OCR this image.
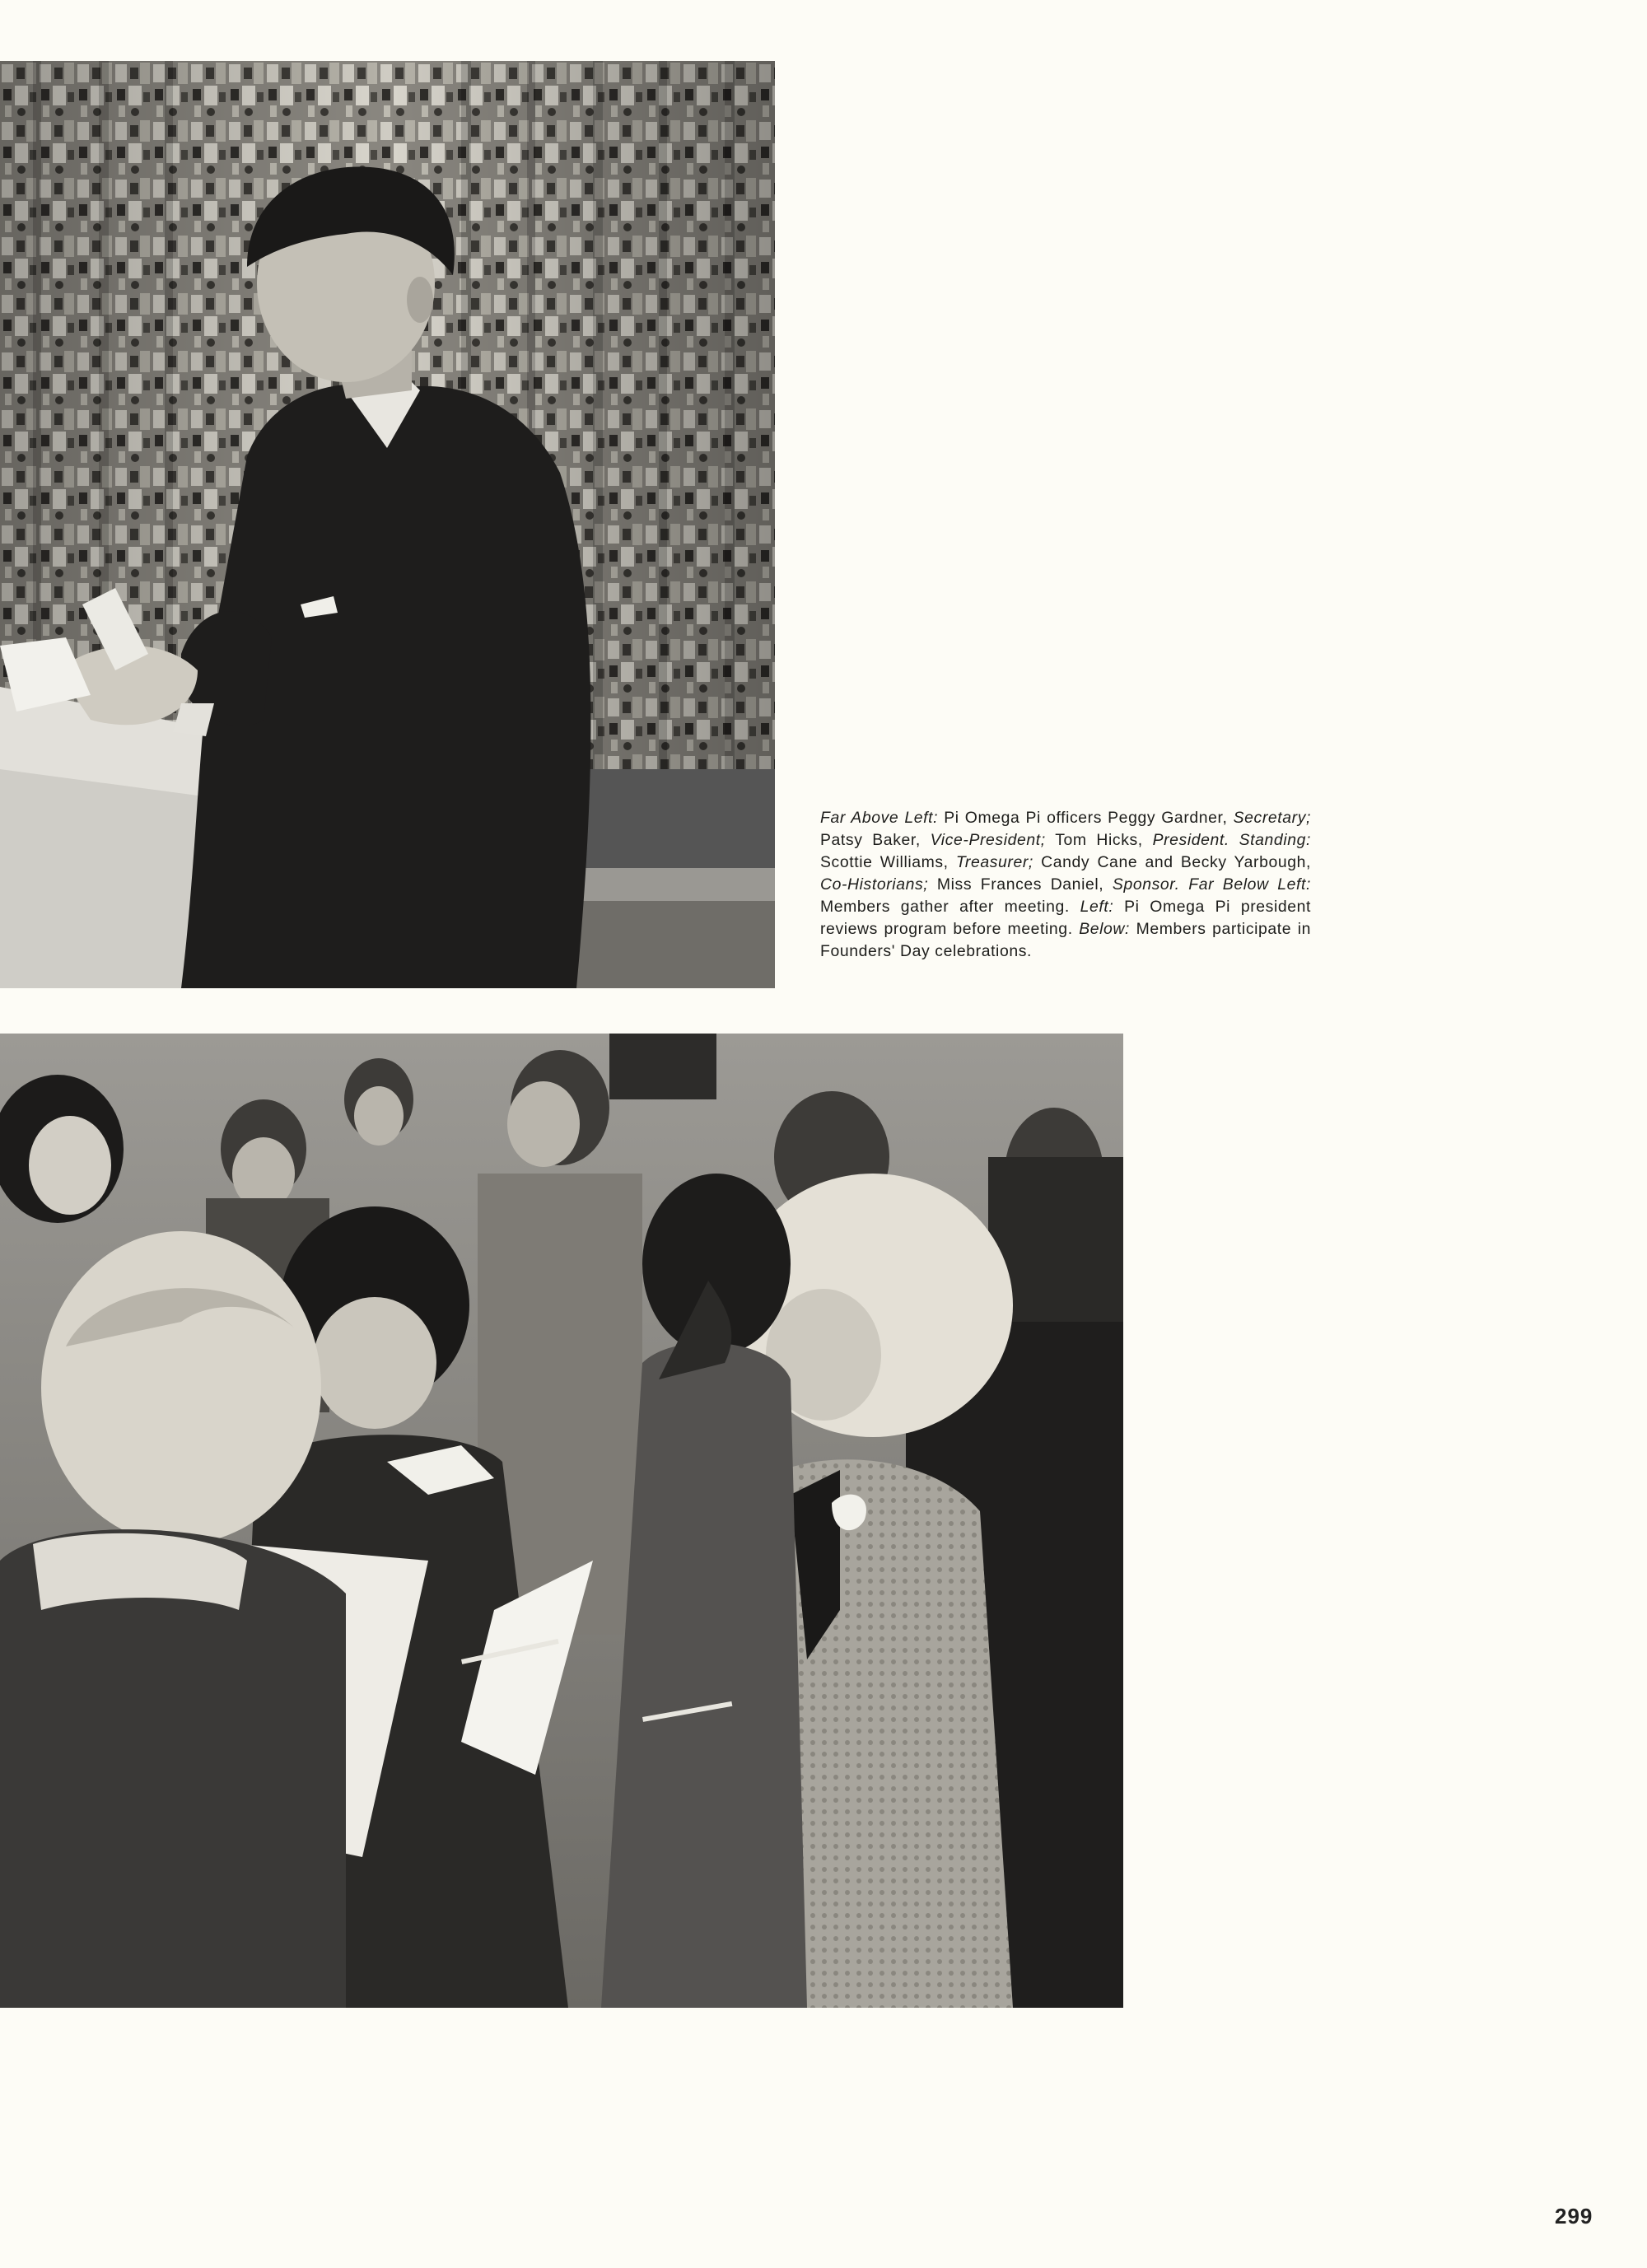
Far Above Left: Pi Omega Pi officers Peggy Gardner, Secretary; Patsy Baker, Vice-President; Tom Hicks, President. Standing: Scottie Williams, Treasurer; Candy Cane and Becky Yarbough, Co-Historians; Miss Frances Daniel, Sponsor. Far Below Left: Members gather after meeting. Left: Pi Omega Pi president reviews program before meeting. Below: Members participate in Founders' Day celebrations.
299
